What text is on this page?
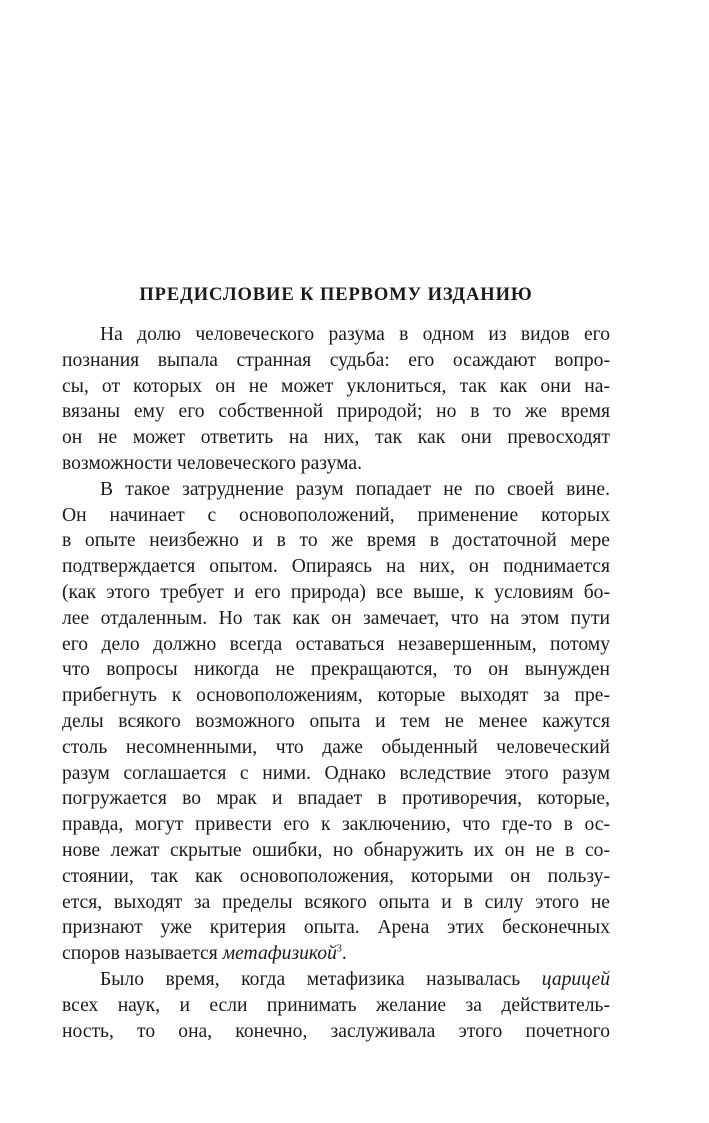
ПРЕДИСЛОВИЕ К ПЕРВОМУ ИЗДАНИЮ
На долю человеческого разума в одном из видов его
познания выпала странная судьба: его осаждают вопро-
сы, от которых он не может уклониться, так как они на-
вязаны ему его собственной природой; но в то же время
он не может ответить на них, так как они превосходят
возможности человеческого разума.
В такое затруднение разум попадает не по своей вине.
Он начинает с основоположений, применение которых
в опыте неизбежно и в то же время в достаточной мере
подтверждается опытом. Опираясь на них, он поднимается
(как этого требует и его природа) все выше, к условиям бо-
лее отдаленным. Но так как он замечает, что на этом пути
его дело должно всегда оставаться незавершенным, потому
что вопросы никогда не прекращаются, то он вынужден
прибегнуть к основоположениям, которые выходят за пре-
делы всякого возможного опыта и тем не менее кажутся
столь несомненными, что даже обыденный человеческий
разум соглашается с ними. Однако вследствие этого разум
погружается во мрак и впадает в противоречия, которые,
правда, могут привести его к заключению, что где-то в ос-
нове лежат скрытые ошибки, но обнаружить их он не в со-
стоянии, так как основоположения, которыми он пользу-
ется, выходят за пределы всякого опыта и в силу этого не
признают уже критерия опыта. Арена этих бесконечных
споров называется метафизикой$^3$.
Было время, когда метафизика называлась царицей
всех наук, и если принимать желание за действитель-
ность, то она, конечно, заслуживала этого почетного
